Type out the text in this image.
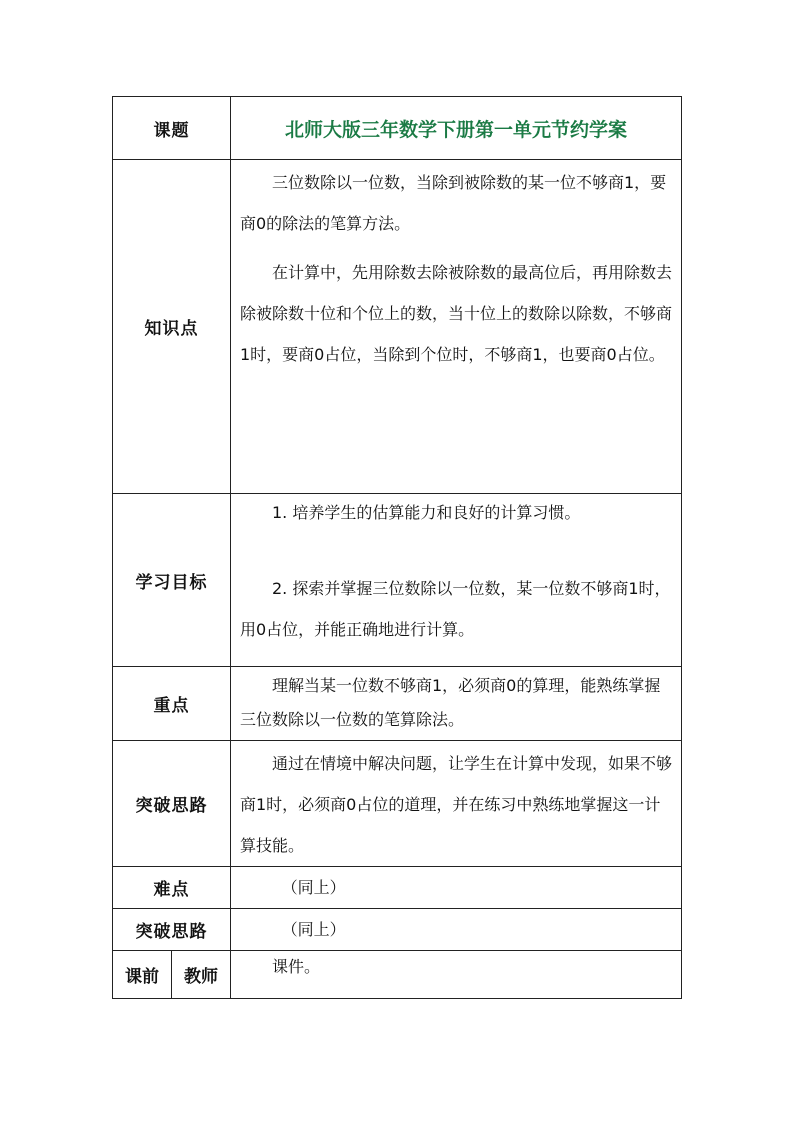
课题		北师大版三年数学下册第一单元节约学案
知识点		三位数除以一位数，当除到被除数的某一位不够商1，要商0的除法的笔算方法。

在计算中，先用除数去除被除数的最高位后，再用除数去除被除数十位和个位上的数，当十位上的数除以除数，不够商1时，要商0占位，当除到个位时，不够商1，也要商0占位。

学习目标		1. 培养学生的估算能力和良好的计算习惯。

2. 探索并掌握三位数除以一位数，某一位数不够商1时，用0占位，并能正确地进行计算。

重点		理解当某一位数不够商1，必须商0的算理，能熟练掌握三位数除以一位数的笔算除法。

突破思路		通过在情境中解决问题，让学生在计算中发现，如果不够商1时，必须商0占位的道理，并在练习中熟练地掌握这一计算技能。

难点		（同上）

突破思路		（同上）

课前	教师	课件。
